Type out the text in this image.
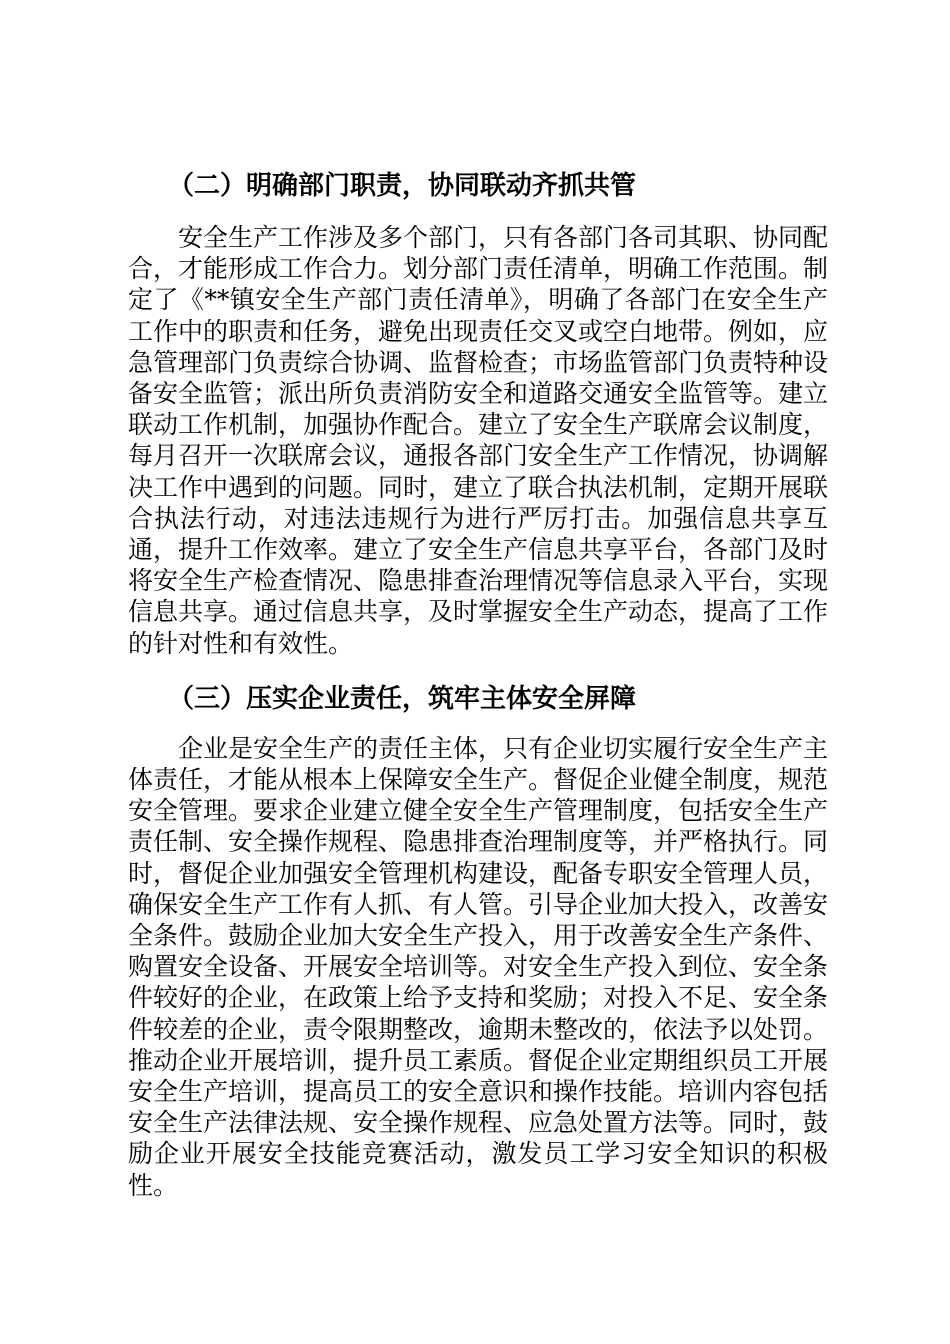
（二）明确部门职责，协同联动齐抓共管

安全生产工作涉及多个部门，只有各部门各司其职、协同配合，才能形成工作合力。划分部门责任清单，明确工作范围。制定了《**镇安全生产部门责任清单》，明确了各部门在安全生产工作中的职责和任务，避免出现责任交叉或空白地带。例如，应急管理部门负责综合协调、监督检查；市场监管部门负责特种设备安全监管；派出所负责消防安全和道路交通安全监管等。建立联动工作机制，加强协作配合。建立了安全生产联席会议制度，每月召开一次联席会议，通报各部门安全生产工作情况，协调解决工作中遇到的问题。同时，建立了联合执法机制，定期开展联合执法行动，对违法违规行为进行严厉打击。加强信息共享互通，提升工作效率。建立了安全生产信息共享平台，各部门及时将安全生产检查情况、隐患排查治理情况等信息录入平台，实现信息共享。通过信息共享，及时掌握安全生产动态，提高了工作的针对性和有效性。

（三）压实企业责任，筑牢主体安全屏障

企业是安全生产的责任主体，只有企业切实履行安全生产主体责任，才能从根本上保障安全生产。督促企业健全制度，规范安全管理。要求企业建立健全安全生产管理制度，包括安全生产责任制、安全操作规程、隐患排查治理制度等，并严格执行。同时，督促企业加强安全管理机构建设，配备专职安全管理人员，确保安全生产工作有人抓、有人管。引导企业加大投入，改善安全条件。鼓励企业加大安全生产投入，用于改善安全生产条件、购置安全设备、开展安全培训等。对安全生产投入到位、安全条件较好的企业，在政策上给予支持和奖励；对投入不足、安全条件较差的企业，责令限期整改，逾期未整改的，依法予以处罚。推动企业开展培训，提升员工素质。督促企业定期组织员工开展安全生产培训，提高员工的安全意识和操作技能。培训内容包括安全生产法律法规、安全操作规程、应急处置方法等。同时，鼓励企业开展安全技能竞赛活动，激发员工学习安全知识的积极性。
